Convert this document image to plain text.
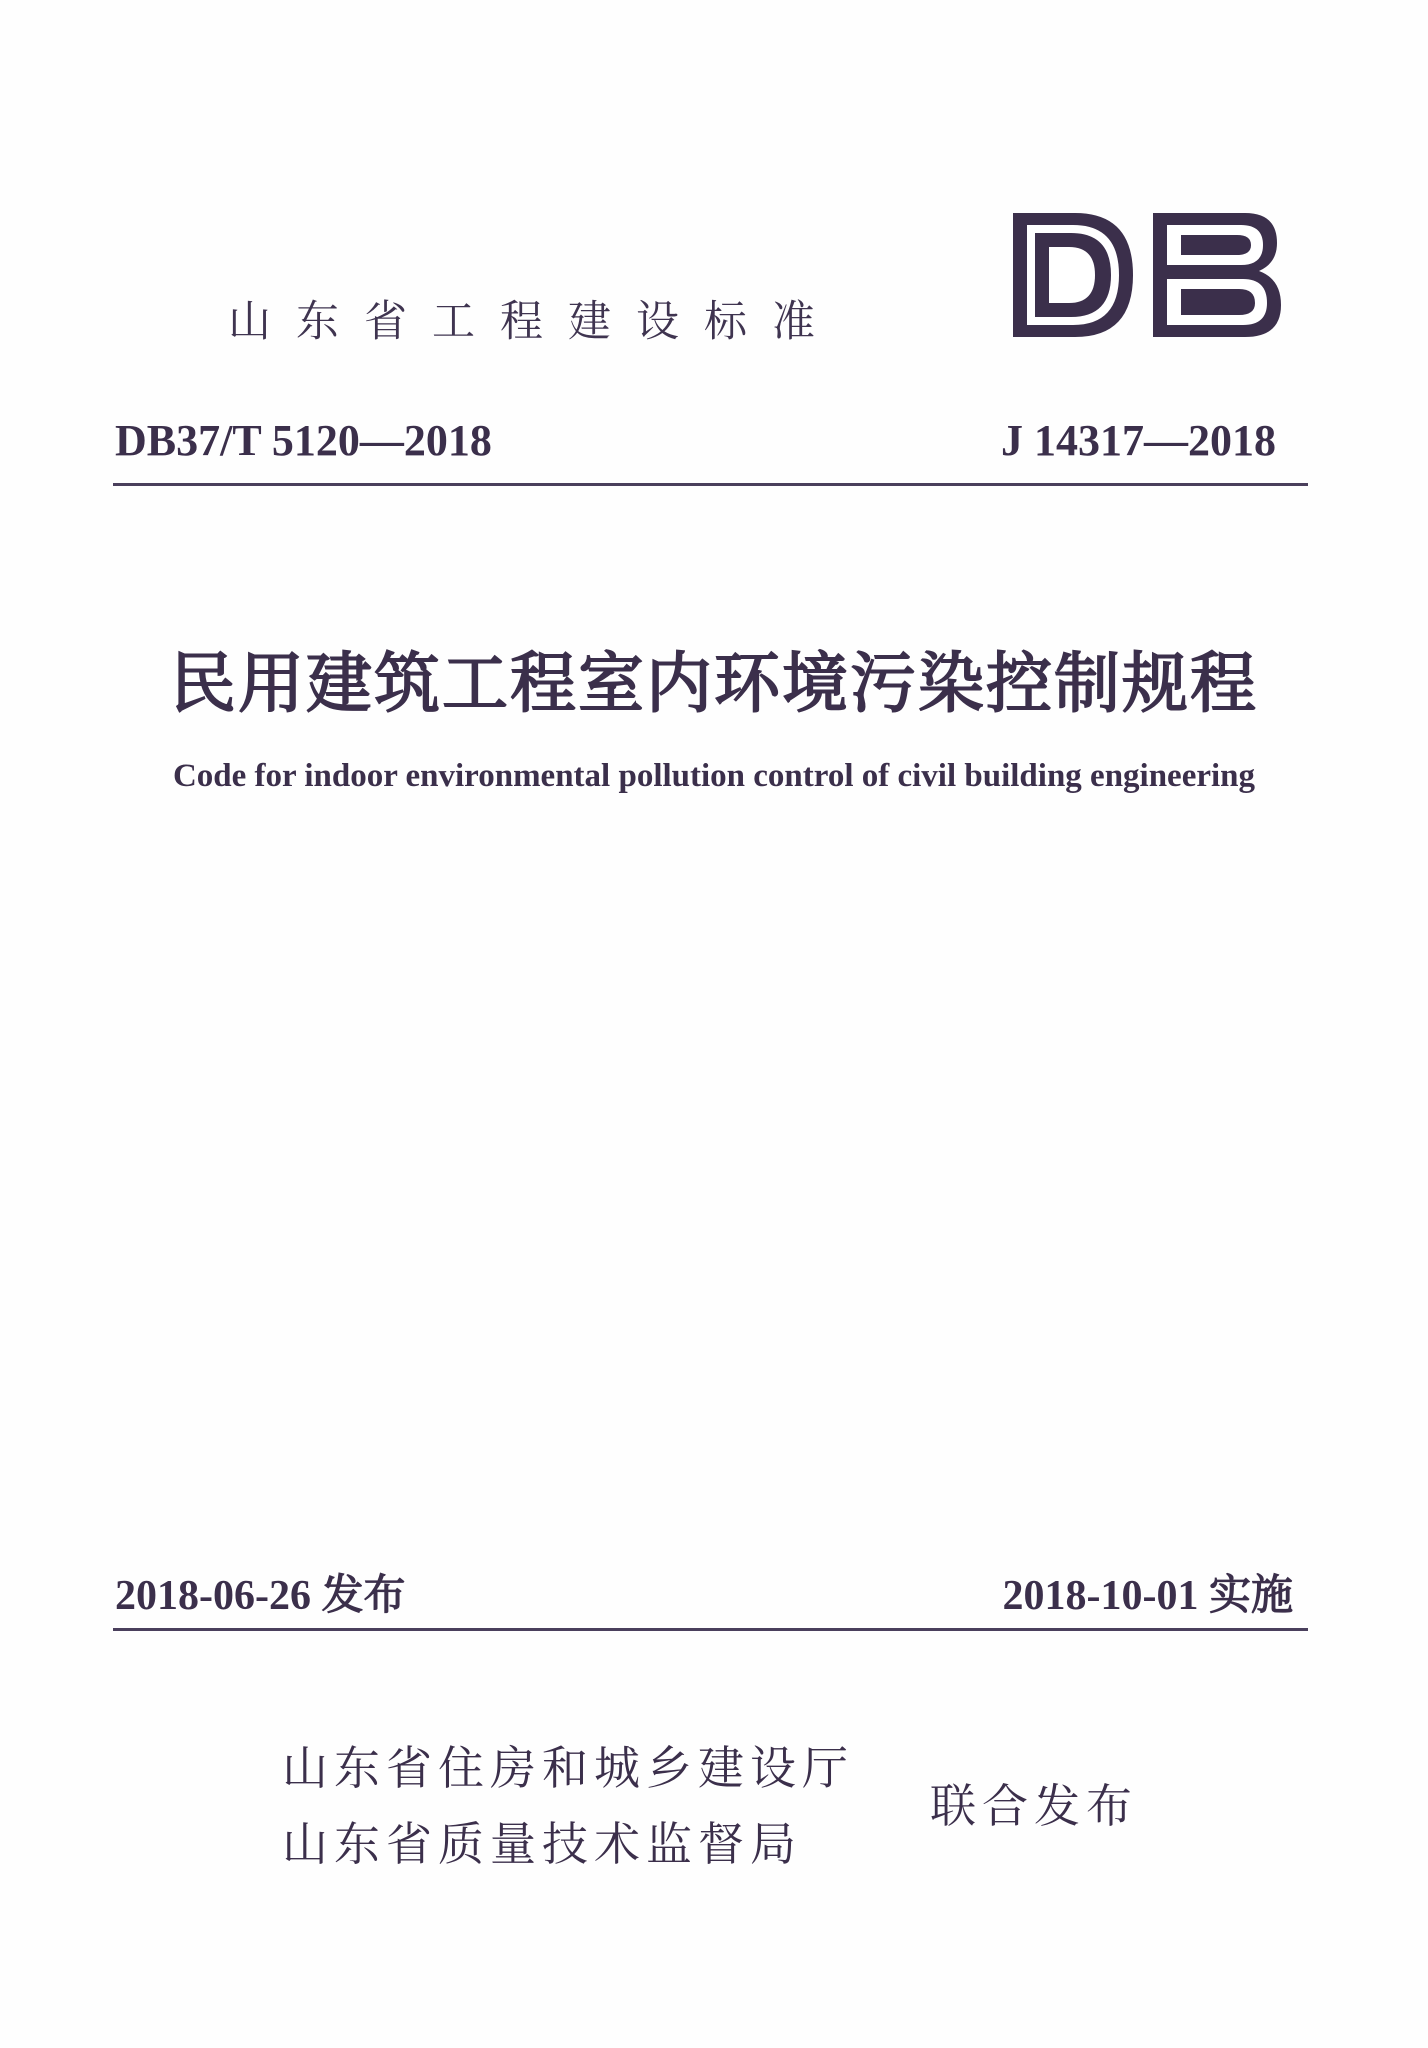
山东省工程建设标准
DB37/T 5120—2018	J 14317—2018
民用建筑工程室内环境污染控制规程
Code for indoor environmental pollution control of civil building engineering
2018-06-26 发布	2018-10-01 实施
山东省住房和城乡建设厅
山东省质量技术监督局
联合发布
